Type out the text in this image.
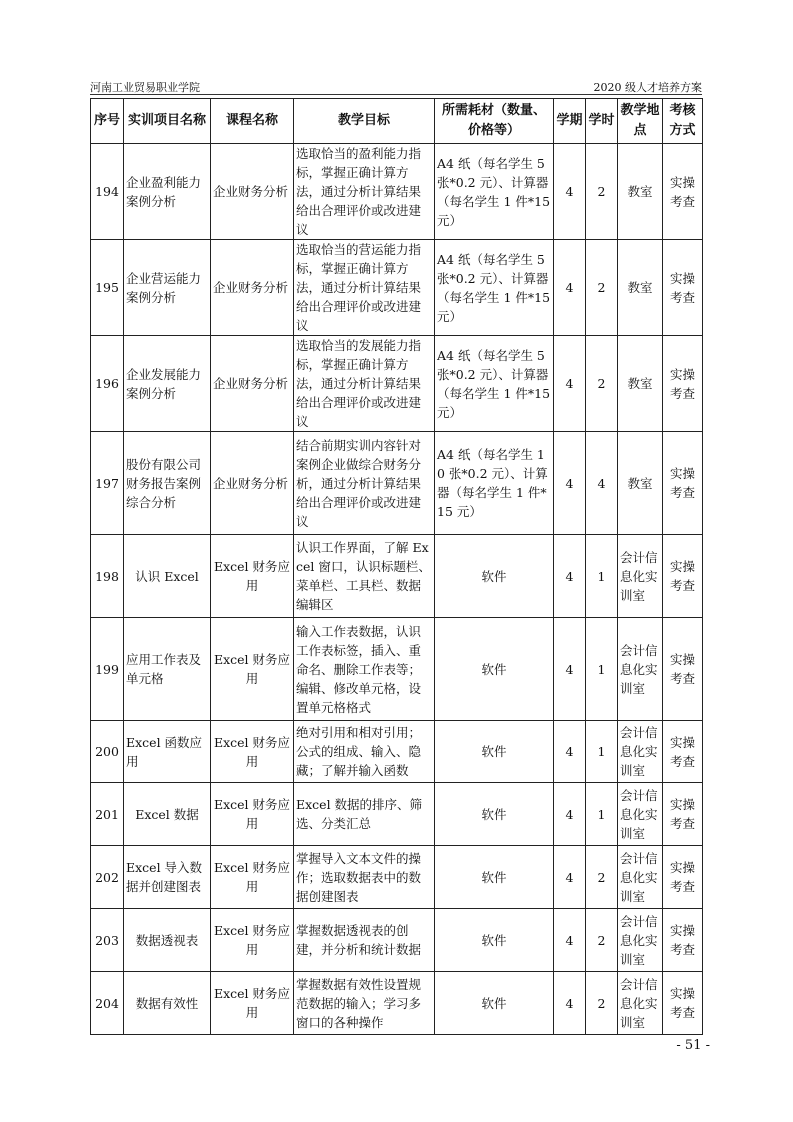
河南工业贸易职业学院	2020 级人才培养方案
序号	实训项目名称	课程名称	教学目标	所需耗材（数量、价格等）	学期	学时	教学地点	考核方式
194	企业盈利能力案例分析	企业财务分析	选取恰当的盈利能力指标，掌握正确计算方法，通过分析计算结果给出合理评价或改进建议	A4 纸（每名学生 5 张*0.2 元）、计算器（每名学生 1 件*15 元）	4	2	教室	实操考查
195	企业营运能力案例分析	企业财务分析	选取恰当的营运能力指标，掌握正确计算方法，通过分析计算结果给出合理评价或改进建议	A4 纸（每名学生 5 张*0.2 元）、计算器（每名学生 1 件*15 元）	4	2	教室	实操考查
196	企业发展能力案例分析	企业财务分析	选取恰当的发展能力指标，掌握正确计算方法，通过分析计算结果给出合理评价或改进建议	A4 纸（每名学生 5 张*0.2 元）、计算器（每名学生 1 件*15 元）	4	2	教室	实操考查
197	股份有限公司财务报告案例综合分析	企业财务分析	结合前期实训内容针对案例企业做综合财务分析，通过分析计算结果给出合理评价或改进建议	A4 纸（每名学生 10 张*0.2 元）、计算器（每名学生 1 件*15 元）	4	4	教室	实操考查
198	认识 Excel	Excel 财务应用	认识工作界面，了解 Excel 窗口，认识标题栏、菜单栏、工具栏、数据编辑区	软件	4	1	会计信息化实训室	实操考查
199	应用工作表及单元格	Excel 财务应用	输入工作表数据，认识工作表标签，插入、重命名、删除工作表等；编辑、修改单元格，设置单元格格式	软件	4	1	会计信息化实训室	实操考查
200	Excel 函数应用	Excel 财务应用	绝对引用和相对引用；公式的组成、输入、隐藏；了解并输入函数	软件	4	1	会计信息化实训室	实操考查
201	Excel 数据	Excel 财务应用	Excel 数据的排序、筛选、分类汇总	软件	4	1	会计信息化实训室	实操考查
202	Excel 导入数据并创建图表	Excel 财务应用	掌握导入文本文件的操作；选取数据表中的数据创建图表	软件	4	2	会计信息化实训室	实操考查
203	数据透视表	Excel 财务应用	掌握数据透视表的创建，并分析和统计数据	软件	4	2	会计信息化实训室	实操考查
204	数据有效性	Excel 财务应用	掌握数据有效性设置规范数据的输入；学习多窗口的各种操作	软件	4	2	会计信息化实训室	实操考查
- 51 -
